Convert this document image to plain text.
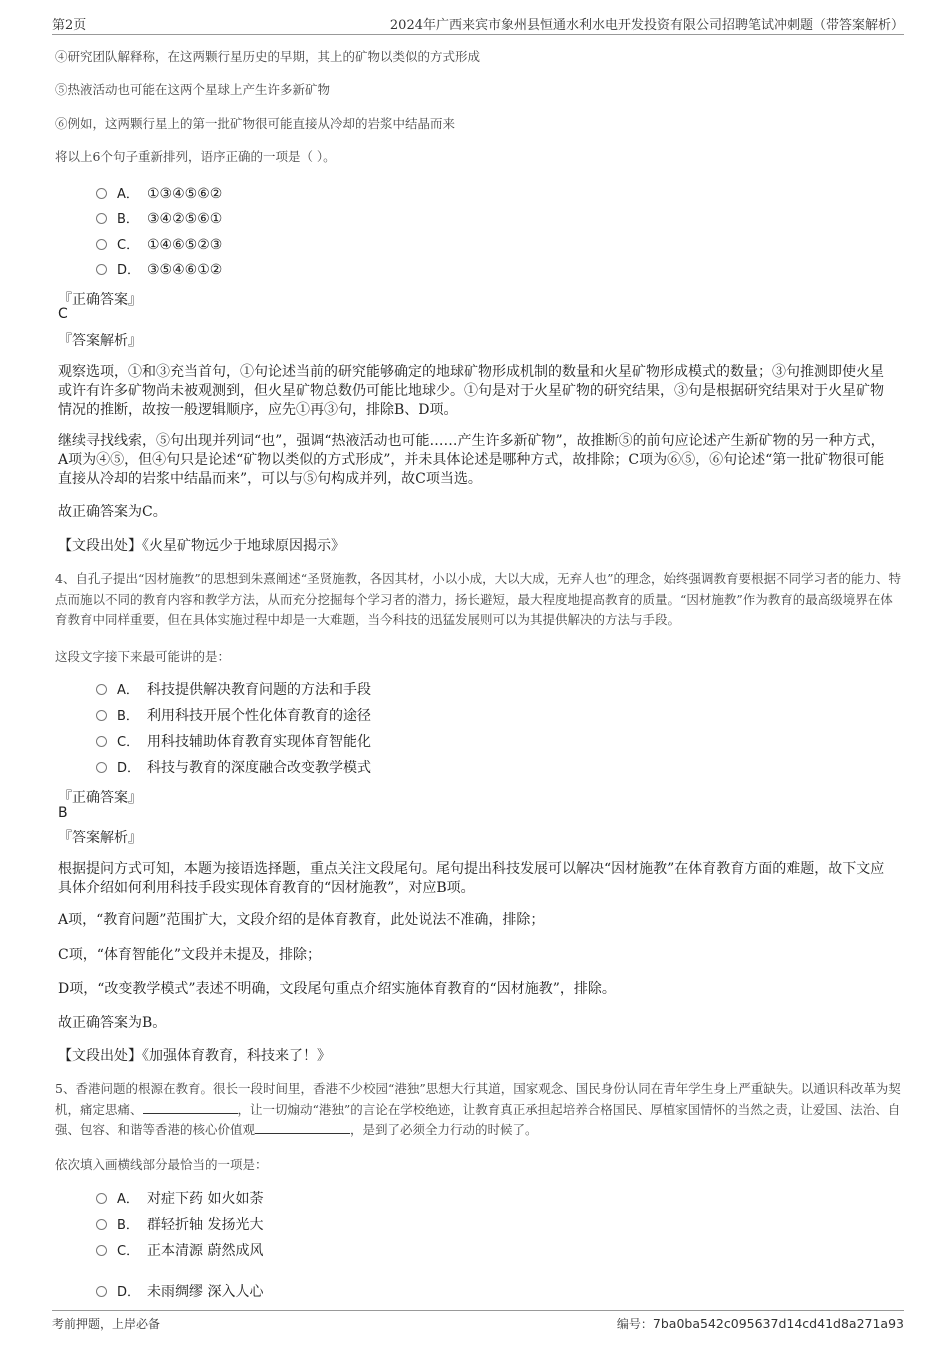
第2页	2024年广西来宾市象州县恒通水利水电开发投资有限公司招聘笔试冲刺题（带答案解析）
④研究团队解释称，在这两颗行星历史的早期，其上的矿物以类似的方式形成
⑤热液活动也可能在这两个星球上产生许多新矿物
⑥例如，这两颗行星上的第一批矿物很可能直接从冷却的岩浆中结晶而来
将以上6个句子重新排列，语序正确的一项是（ ）。
A． ①③④⑤⑥②
B． ③④②⑤⑥①
C． ①④⑥⑤②③
D． ③⑤④⑥①②
『正确答案』
C
『答案解析』
观察选项，①和③充当首句，①句论述当前的研究能够确定的地球矿物形成机制的数量和火星矿物形成模式的数量；③句推测即使火星或许有许多矿物尚未被观测到，但火星矿物总数仍可能比地球少。①句是对于火星矿物的研究结果，③句是根据研究结果对于火星矿物情况的推断，故按一般逻辑顺序，应先①再③句，排除B、D项。
继续寻找线索，⑤句出现并列词“也”，强调“热液活动也可能……产生许多新矿物”，故推断⑤的前句应论述产生新矿物的另一种方式，A项为④⑤，但④句只是论述“矿物以类似的方式形成”，并未具体论述是哪种方式，故排除；C项为⑥⑤，⑥句论述“第一批矿物很可能直接从冷却的岩浆中结晶而来”，可以与⑤句构成并列，故C项当选。
故正确答案为C。
【文段出处】《火星矿物远少于地球原因揭示》
4、自孔子提出“因材施教”的思想到朱熹阐述“圣贤施教，各因其材，小以小成，大以大成，无弃人也”的理念，始终强调教育要根据不同学习者的能力、特点而施以不同的教育内容和教学方法，从而充分挖掘每个学习者的潜力，扬长避短，最大程度地提高教育的质量。“因材施教”作为教育的最高级境界在体育教育中同样重要，但在具体实施过程中却是一大难题，当今科技的迅猛发展则可以为其提供解决的方法与手段。
这段文字接下来最可能讲的是：
A． 科技提供解决教育问题的方法和手段
B． 利用科技开展个性化体育教育的途径
C． 用科技辅助体育教育实现体育智能化
D． 科技与教育的深度融合改变教学模式
『正确答案』
B
『答案解析』
根据提问方式可知，本题为接语选择题，重点关注文段尾句。尾句提出科技发展可以解决“因材施教”在体育教育方面的难题，故下文应具体介绍如何利用科技手段实现体育教育的“因材施教”，对应B项。
A项，“教育问题”范围扩大，文段介绍的是体育教育，此处说法不准确，排除；
C项，“体育智能化”文段并未提及，排除；
D项，“改变教学模式”表述不明确，文段尾句重点介绍实施体育教育的“因材施教”，排除。
故正确答案为B。
【文段出处】《加强体育教育，科技来了！》
5、香港问题的根源在教育。很长一段时间里，香港不少校园“港独”思想大行其道，国家观念、国民身份认同在青年学生身上严重缺失。以通识科改革为契机，痛定思痛、	，让一切煽动“港独”的言论在学校绝迹，让教育真正承担起培养合格国民、厚植家国情怀的当然之责，让爱国、法治、自强、包容、和谐等香港的核心价值观	，是到了必须全力行动的时候了。
依次填入画横线部分最恰当的一项是：
A． 对症下药 如火如荼
B． 群轻折轴 发扬光大
C． 正本清源 蔚然成风
D． 未雨绸缪 深入人心
考前押题，上岸必备	编号：7ba0ba542c095637d14cd41d8a271a93
